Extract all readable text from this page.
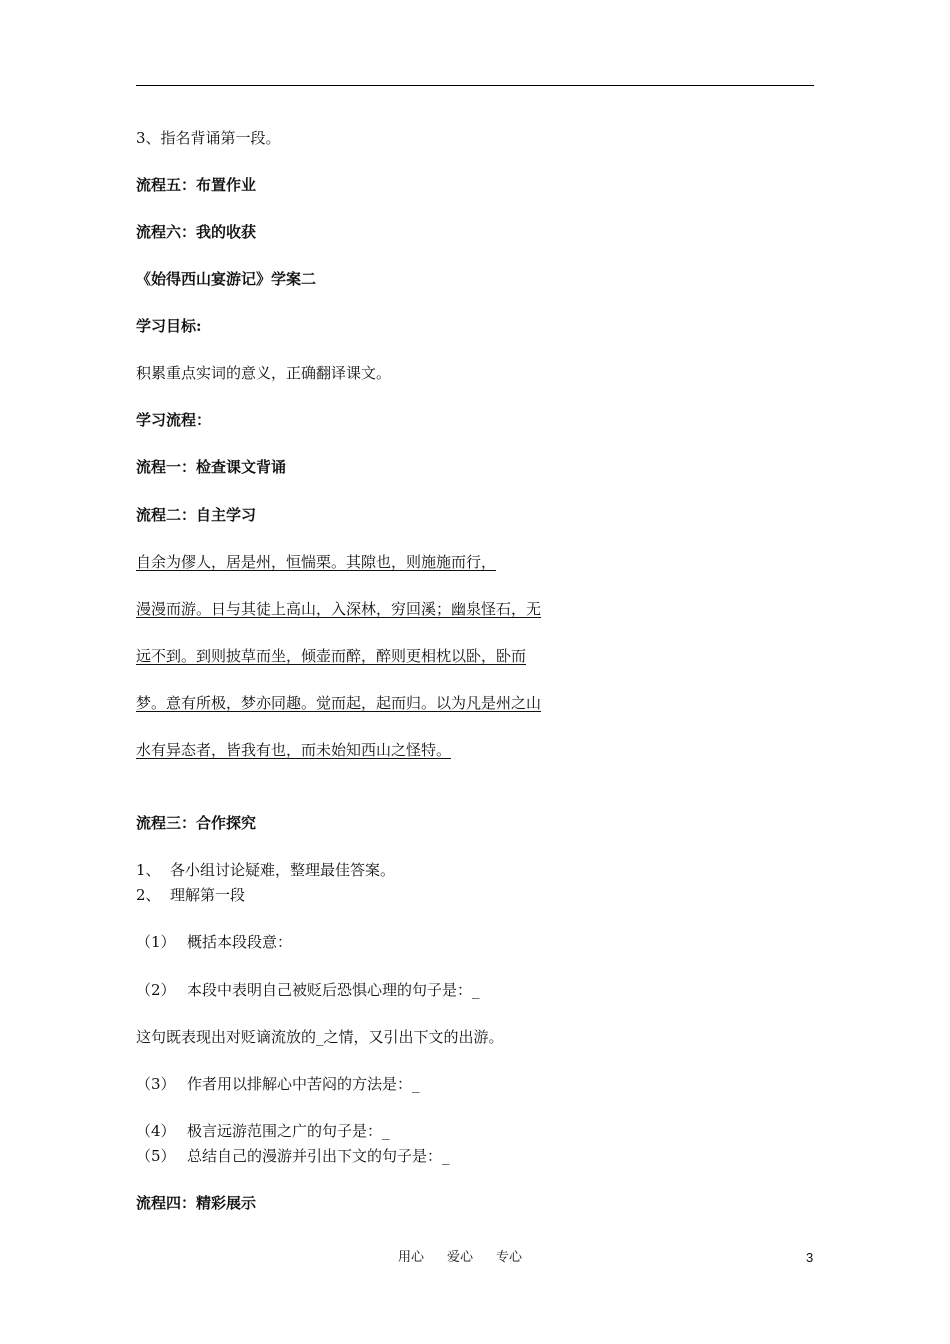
3、指名背诵第一段。
流程五：布置作业
流程六：我的收获
《始得西山宴游记》学案二
学习目标:
积累重点实词的意义，正确翻译课文。
学习流程：
流程一：检查课文背诵
流程二：自主学习
自余为僇人，居是州，恒惴栗。其隙也，则施施而行，
漫漫而游。日与其徒上高山，入深林，穷回溪；幽泉怪石，无
远不到。到则披草而坐，倾壶而醉，醉则更相枕以卧，卧而
梦。意有所极，梦亦同趣。觉而起，起而归。以为凡是州之山
水有异态者，皆我有也，而未始知西山之怪特。
流程三：合作探究
1、 各小组讨论疑难，整理最佳答案。
2、 理解第一段
（1） 概括本段段意：
（2） 本段中表明自己被贬后恐惧心理的句子是：_
这句既表现出对贬谪流放的_之情，又引出下文的出游。
（3） 作者用以排解心中苦闷的方法是：_
（4） 极言远游范围之广的句子是：_
（5） 总结自己的漫游并引出下文的句子是：_
流程四：精彩展示
用心 爱心 专心	3
